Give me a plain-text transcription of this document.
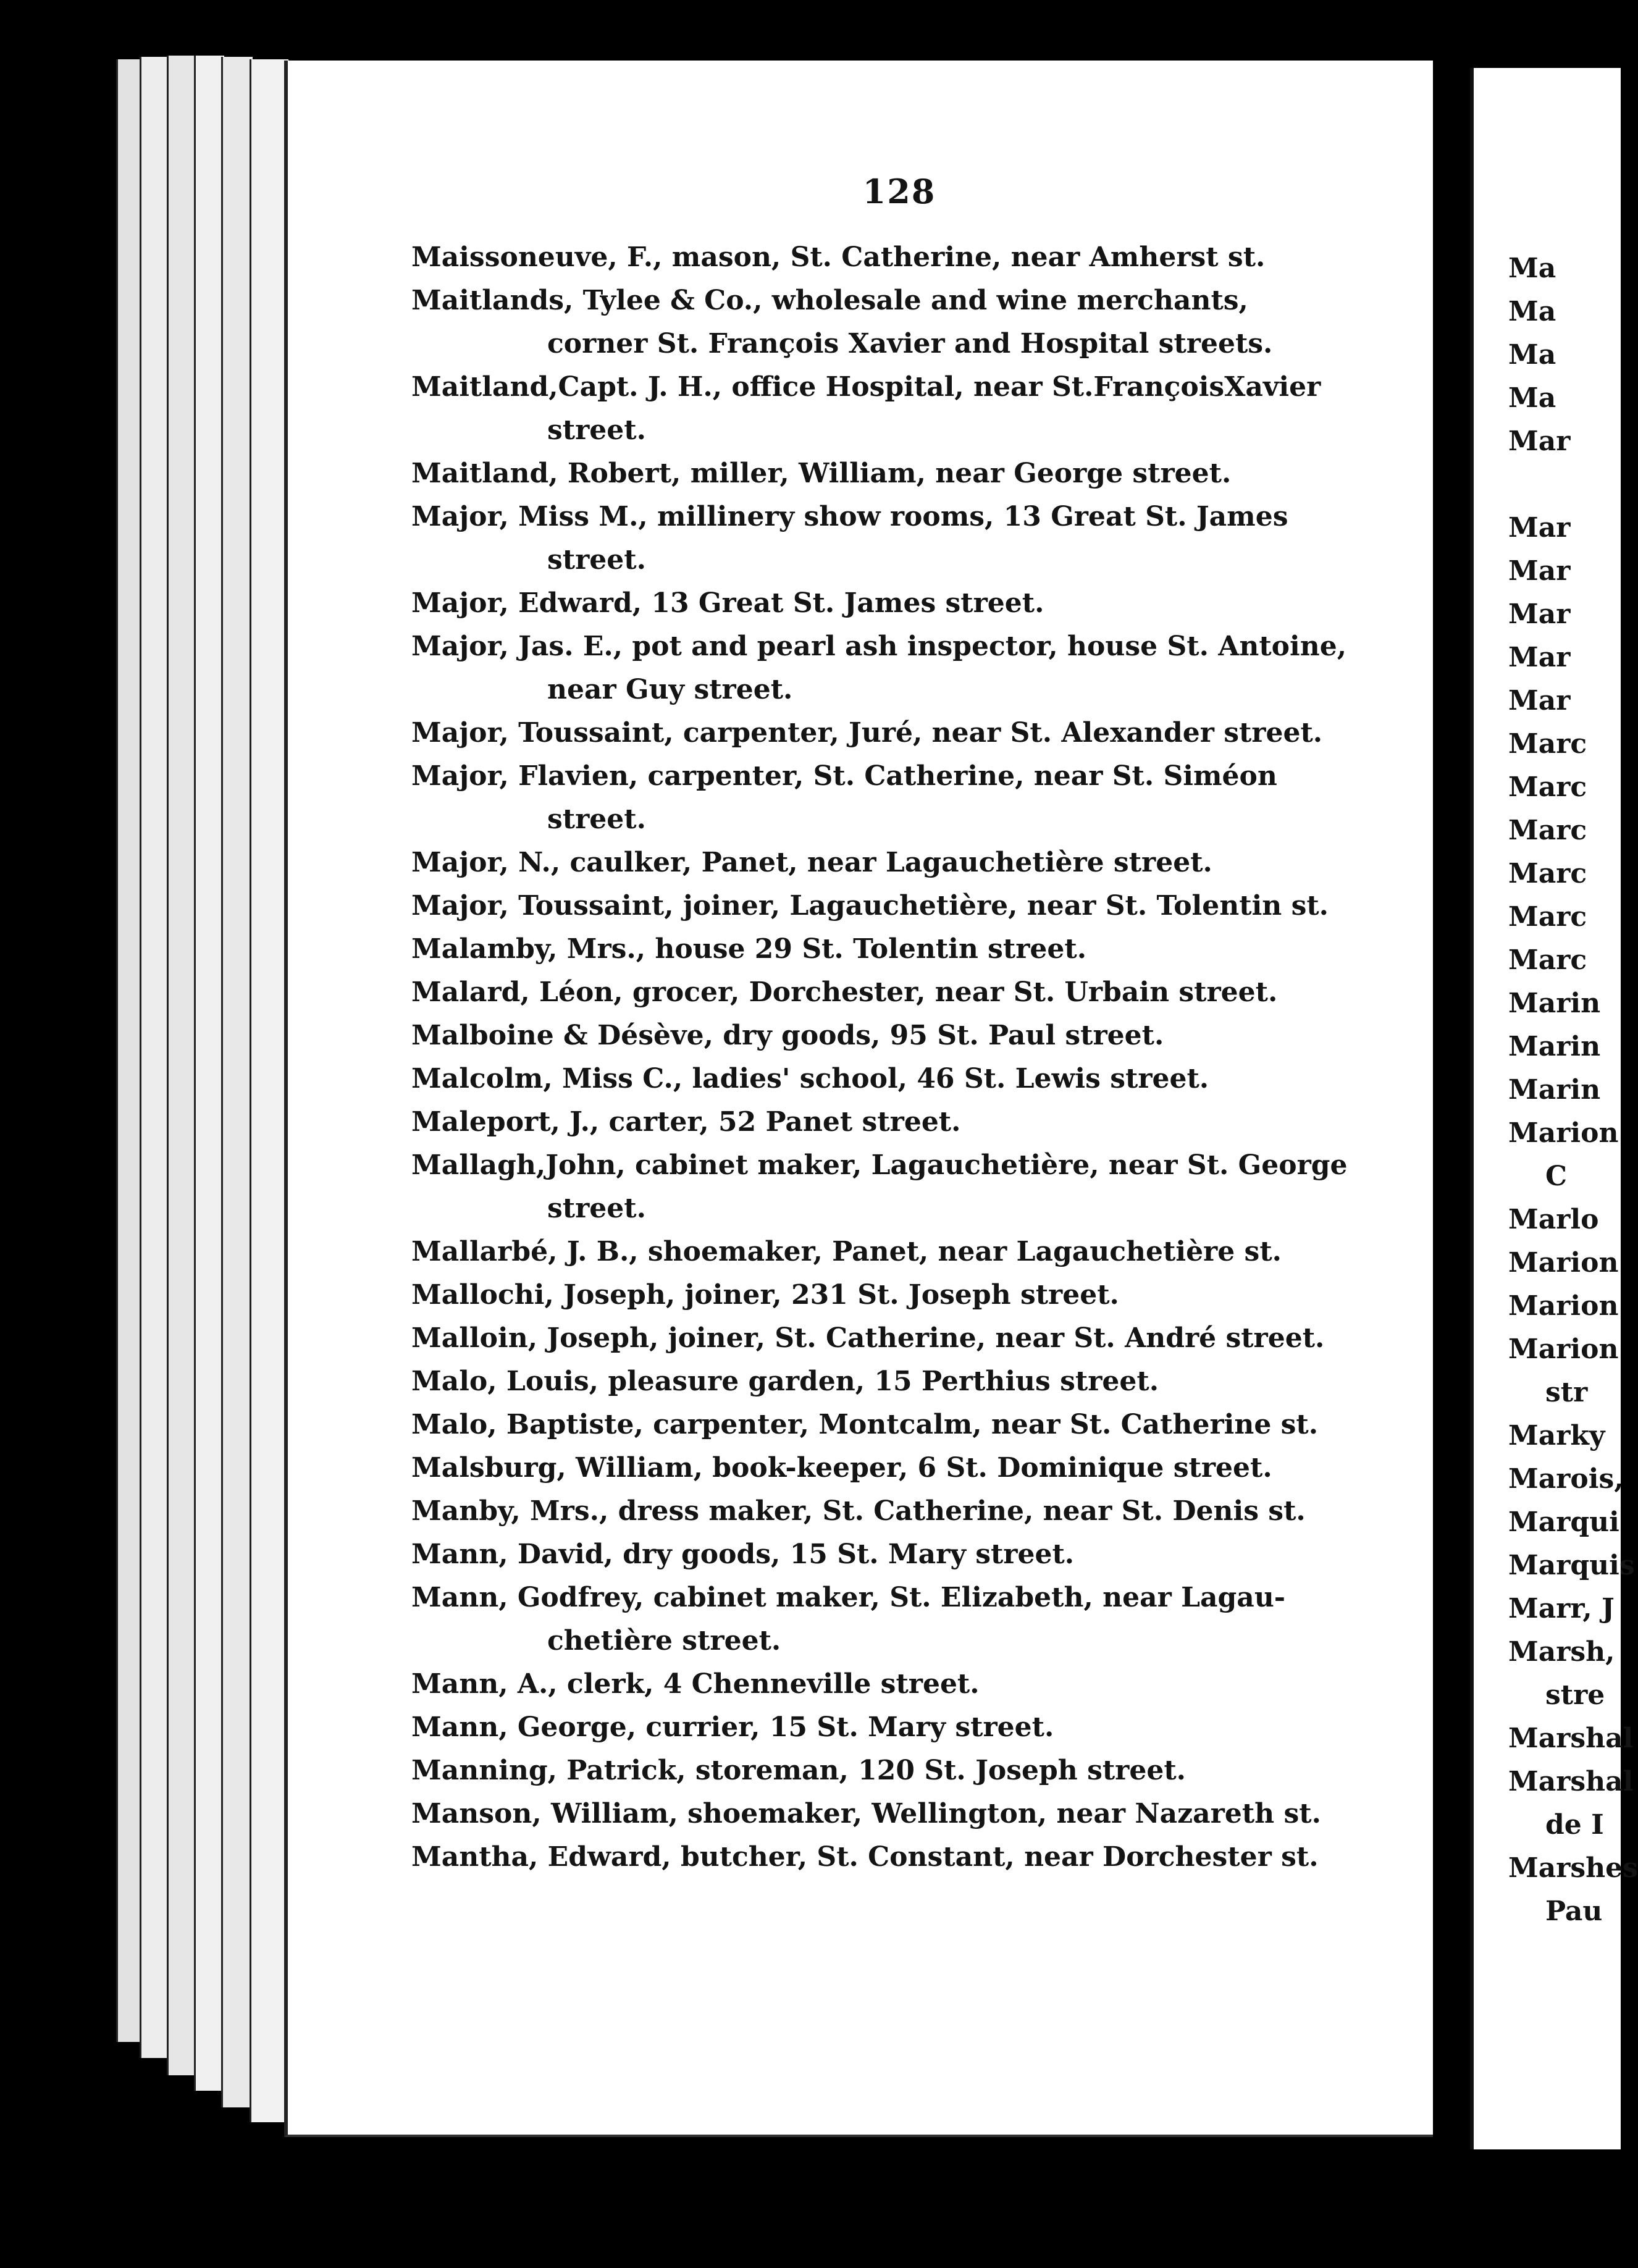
128
Maissoneuve, F., mason, St. Catherine, near Amherst st.
Maitlands, Tylee & Co., wholesale and wine merchants,
corner St. François Xavier and Hospital streets.
Maitland,Capt. J. H., office Hospital, near St.FrançoisXavier
street.
Maitland, Robert, miller, William, near George street.
Major, Miss M., millinery show rooms, 13 Great St. James
street.
Major, Edward, 13 Great St. James street.
Major, Jas. E., pot and pearl ash inspector, house St. Antoine,
near Guy street.
Major, Toussaint, carpenter, Juré, near St. Alexander street.
Major, Flavien, carpenter, St. Catherine, near St. Siméon
street.
Major, N., caulker, Panet, near Lagauchetière street.
Major, Toussaint, joiner, Lagauchetière, near St. Tolentin st.
Malamby, Mrs., house 29 St. Tolentin street.
Malard, Léon, grocer, Dorchester, near St. Urbain street.
Malboine & Désève, dry goods, 95 St. Paul street.
Malcolm, Miss C., ladies' school, 46 St. Lewis street.
Maleport, J., carter, 52 Panet street.
Mallagh,John, cabinet maker, Lagauchetière, near St. George
street.
Mallarbé, J. B., shoemaker, Panet, near Lagauchetière st.
Mallochi, Joseph, joiner, 231 St. Joseph street.
Malloin, Joseph, joiner, St. Catherine, near St. André street.
Malo, Louis, pleasure garden, 15 Perthius street.
Malo, Baptiste, carpenter, Montcalm, near St. Catherine st.
Malsburg, William, book-keeper, 6 St. Dominique street.
Manby, Mrs., dress maker, St. Catherine, near St. Denis st.
Mann, David, dry goods, 15 St. Mary street.
Mann, Godfrey, cabinet maker, St. Elizabeth, near Lagau-
chetière street.
Mann, A., clerk, 4 Chenneville street.
Mann, George, currier, 15 St. Mary street.
Manning, Patrick, storeman, 120 St. Joseph street.
Manson, William, shoemaker, Wellington, near Nazareth st.
Mantha, Edward, butcher, St. Constant, near Dorchester st.
Ma
Ma
Ma
Ma
Mar
Mar
Mar
Mar
Mar
Mar
Marc
Marc
Marc
Marc
Marc
Marc
Marin
Marin
Marin
Marion
C
Marlo
Marion
Marion
Marion
str
Marky
Marois,
Marqui
Marquis
Marr, J
Marsh,
stre
Marshal
Marshal
de I
Marshes
Pau
